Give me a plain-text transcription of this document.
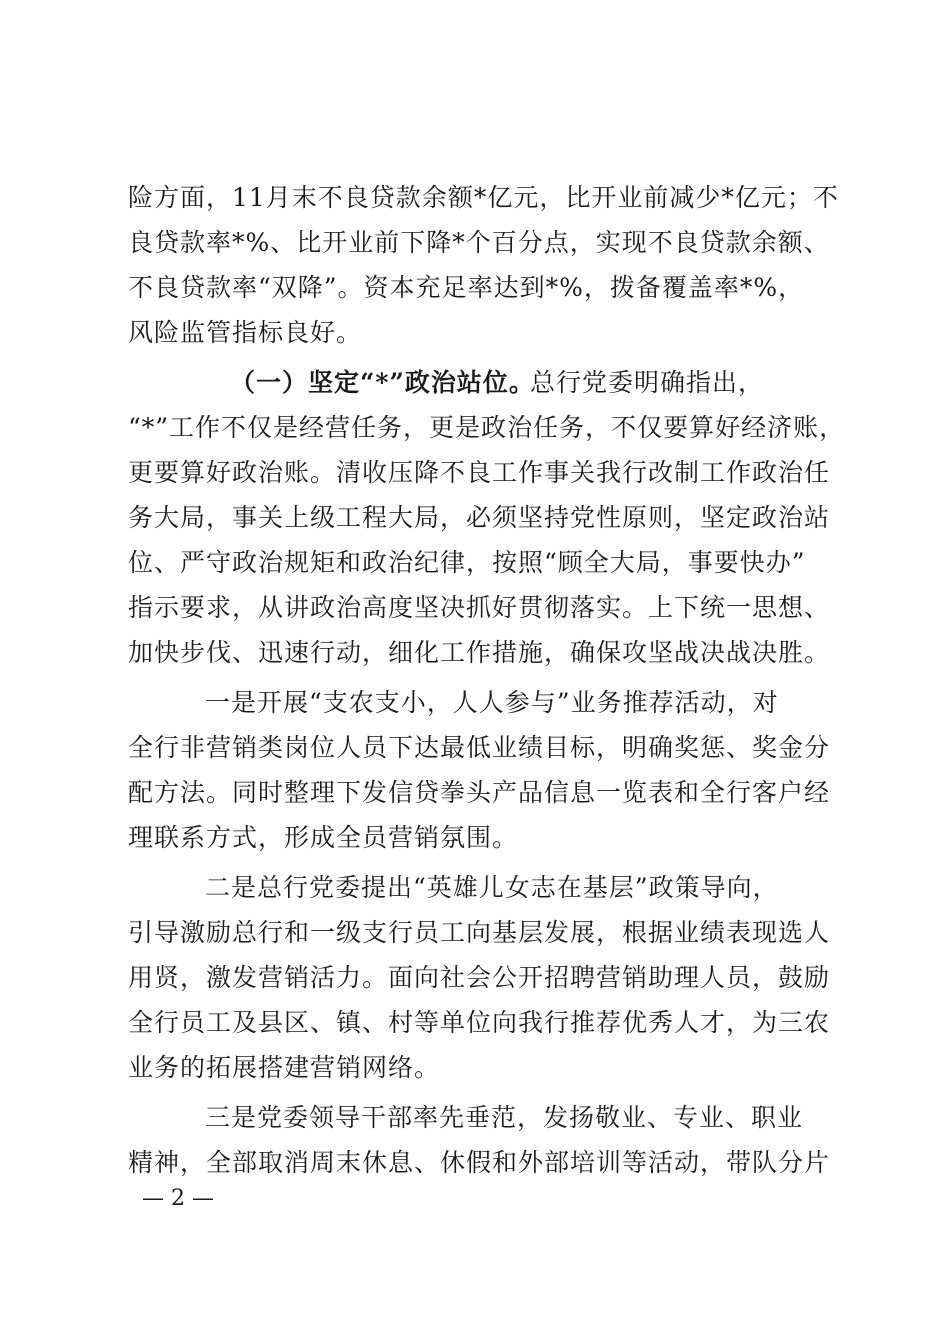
险方面，11月末不良贷款余额*亿元，比开业前减少*亿元；不
良贷款率*%、比开业前下降*个百分点，实现不良贷款余额、
不良贷款率“双降”。资本充足率达到*%，拨备覆盖率*%，
风险监管指标良好。
（一）坚定“*”政治站位。
总行党委明确指出，
“*”工作不仅是经营任务，更是政治任务，不仅要算好经济账，
更要算好政治账。清收压降不良工作事关我行改制工作政治任
务大局，事关上级工程大局，必须坚持党性原则，坚定政治站
位、严守政治规矩和政治纪律，按照“顾全大局，事要快办”
指示要求，从讲政治高度坚决抓好贯彻落实。上下统一思想、
加快步伐、迅速行动，细化工作措施，确保攻坚战决战决胜。
一是开展“支农支小，人人参与”业务推荐活动，对
全行非营销类岗位人员下达最低业绩目标，明确奖惩、奖金分
配方法。同时整理下发信贷拳头产品信息一览表和全行客户经
理联系方式，形成全员营销氛围。
二是总行党委提出“英雄儿女志在基层”政策导向，
引导激励总行和一级支行员工向基层发展，根据业绩表现选人
用贤，激发营销活力。面向社会公开招聘营销助理人员，鼓励
全行员工及县区、镇、村等单位向我行推荐优秀人才，为三农
业务的拓展搭建营销网络。
三是党委领导干部率先垂范，发扬敬业、专业、职业
精神，全部取消周末休息、休假和外部培训等活动，带队分片
— 2 —
